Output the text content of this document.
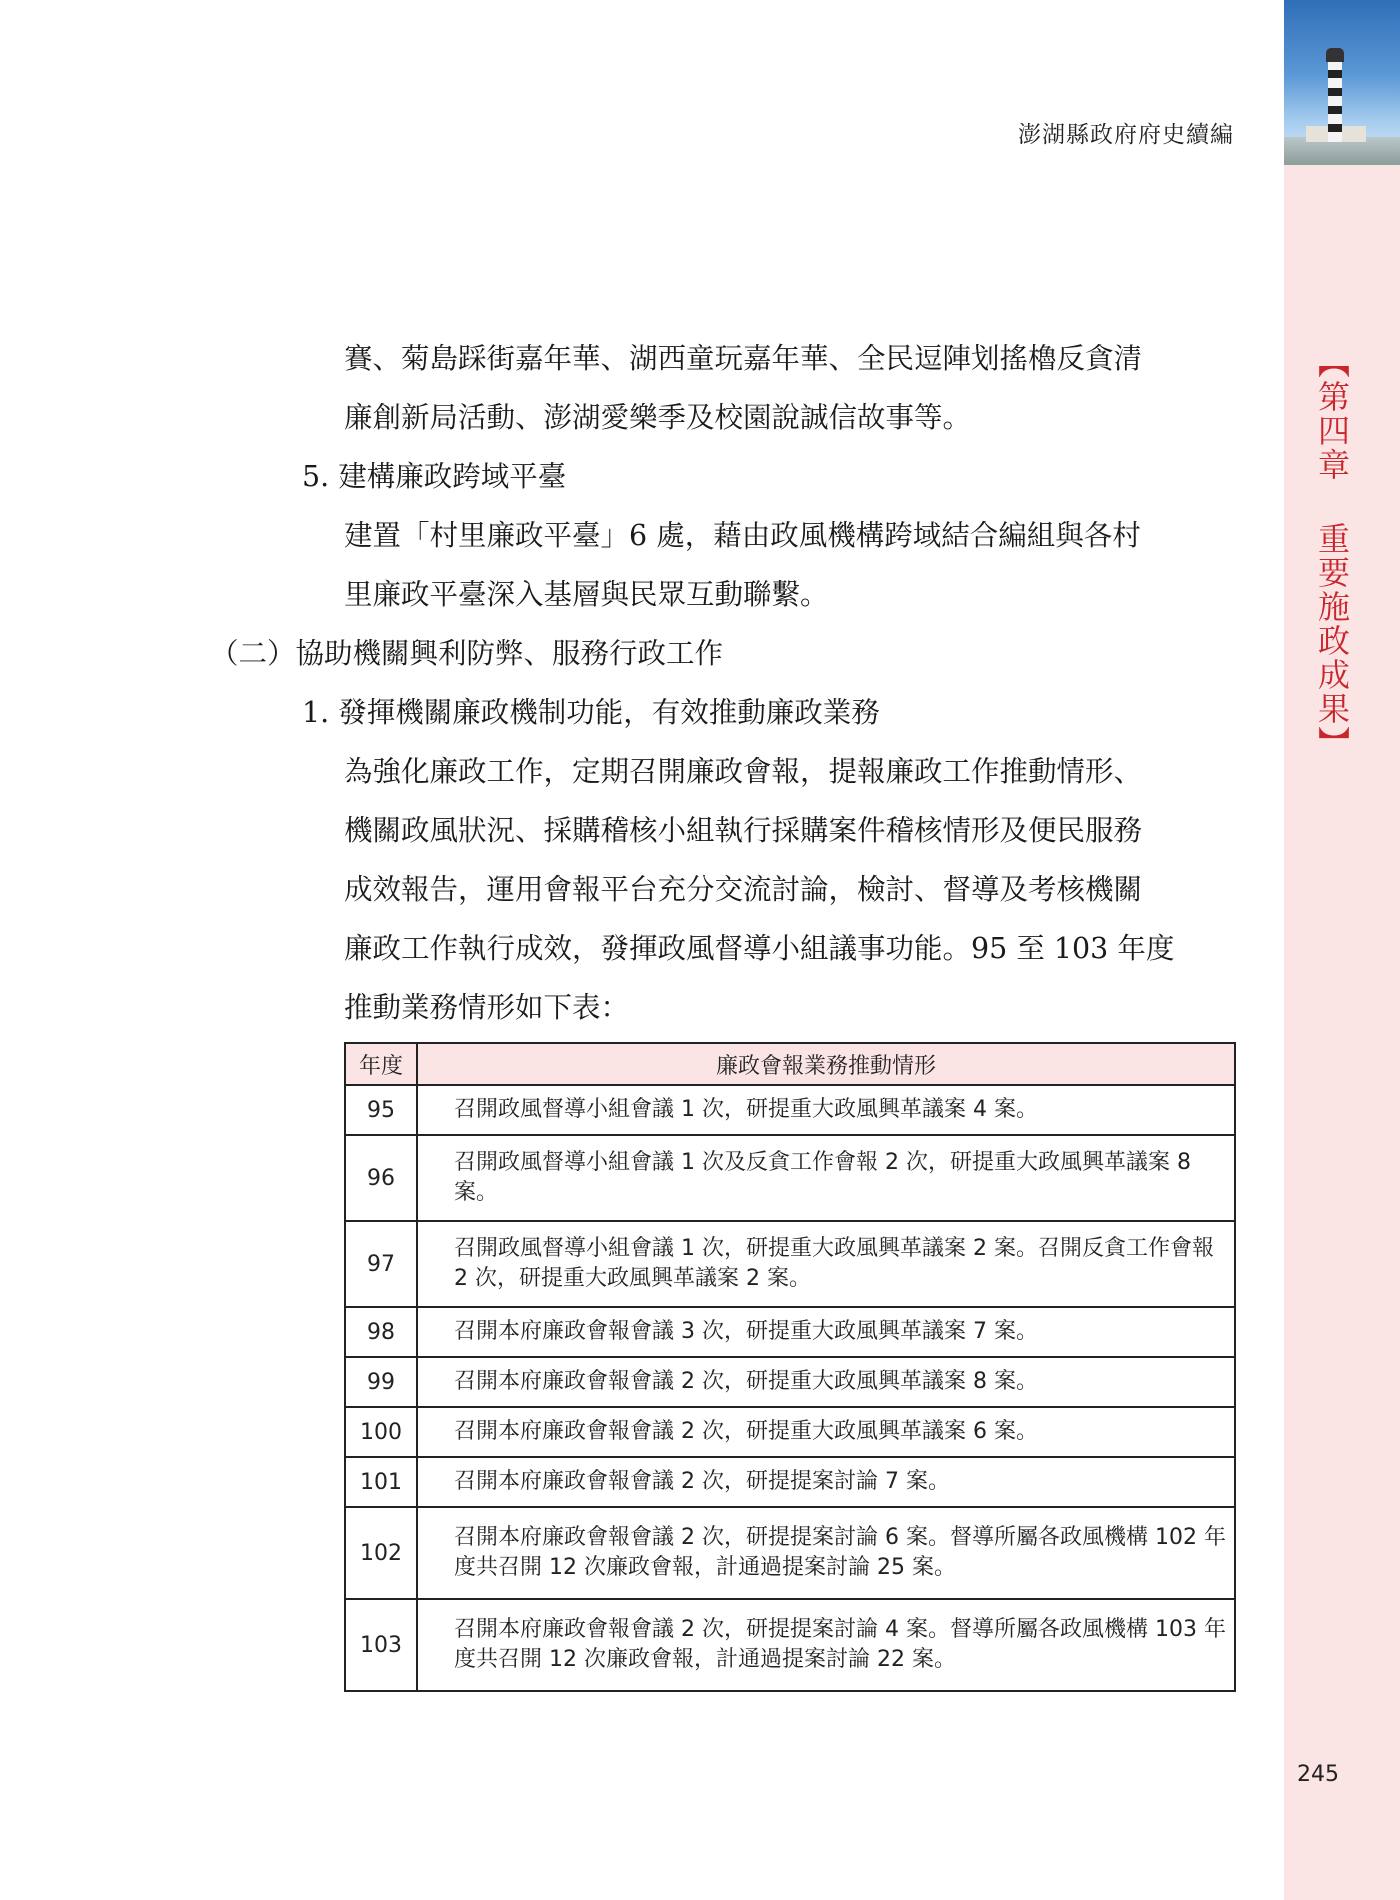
澎湖縣政府府史續編
【第四章 重要施政成果】
賽、菊島踩街嘉年華、湖西童玩嘉年華、全民逗陣划搖櫓反貪清
廉創新局活動、澎湖愛樂季及校園說誠信故事等。
5. 建構廉政跨域平臺
建置「村里廉政平臺」6 處，藉由政風機構跨域結合編組與各村
里廉政平臺深入基層與民眾互動聯繫。
（二）協助機關興利防弊、服務行政工作
1. 發揮機關廉政機制功能，有效推動廉政業務
為強化廉政工作，定期召開廉政會報，提報廉政工作推動情形、
機關政風狀況、採購稽核小組執行採購案件稽核情形及便民服務
成效報告，運用會報平台充分交流討論，檢討、督導及考核機關
廉政工作執行成效，發揮政風督導小組議事功能。95 至 103 年度
推動業務情形如下表：
年度	廉政會報業務推動情形
95	召開政風督導小組會議 1 次，研提重大政風興革議案 4 案。
96	召開政風督導小組會議 1 次及反貪工作會報 2 次，研提重大政風興革議案 8 案。
97	召開政風督導小組會議 1 次，研提重大政風興革議案 2 案。召開反貪工作會報 2 次，研提重大政風興革議案 2 案。
98	召開本府廉政會報會議 3 次，研提重大政風興革議案 7 案。
99	召開本府廉政會報會議 2 次，研提重大政風興革議案 8 案。
100	召開本府廉政會報會議 2 次，研提重大政風興革議案 6 案。
101	召開本府廉政會報會議 2 次，研提提案討論 7 案。
102	召開本府廉政會報會議 2 次，研提提案討論 6 案。督導所屬各政風機構 102 年度共召開 12 次廉政會報，計通過提案討論 25 案。
103	召開本府廉政會報會議 2 次，研提提案討論 4 案。督導所屬各政風機構 103 年度共召開 12 次廉政會報，計通過提案討論 22 案。
245
